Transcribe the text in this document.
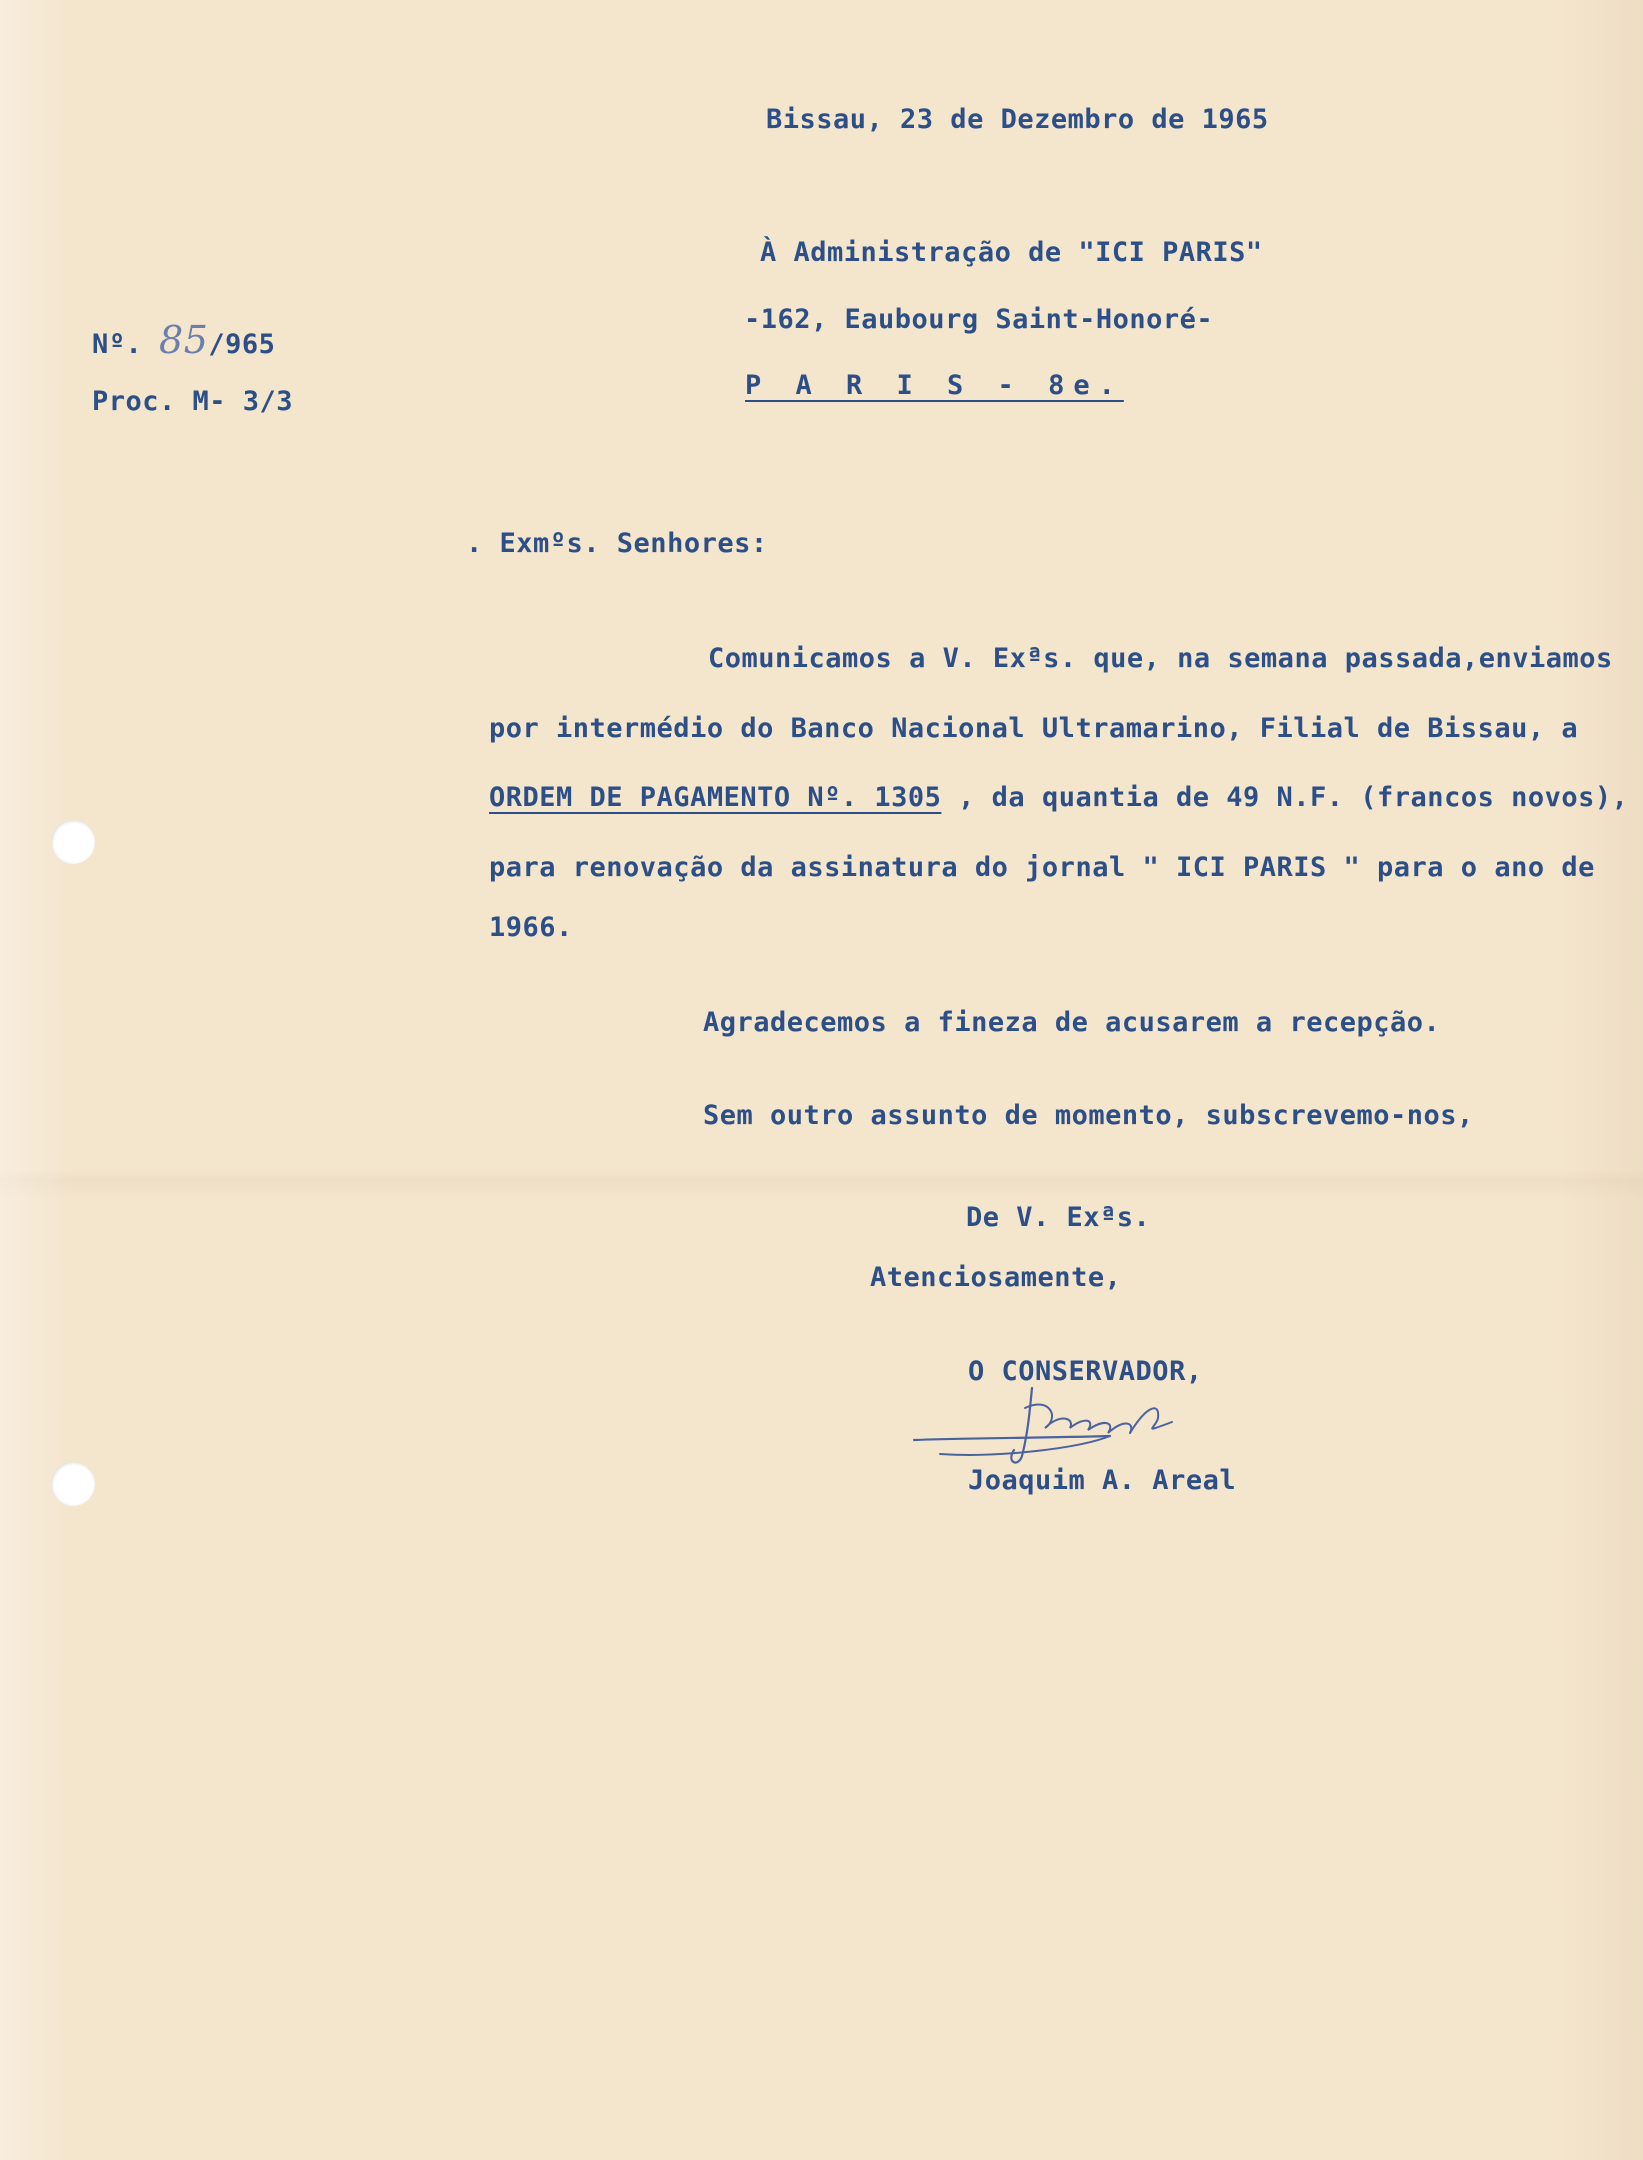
Bissau, 23 de Dezembro de 1965
À Administração de "ICI PARIS"
-162, Eaubourg Saint-Honoré-
P A R I S - 8e.
Nº. 85/965
Proc. M- 3/3
. Exmºs. Senhores:
Comunicamos a V. Exªs. que, na semana passada,enviamos
por intermédio do Banco Nacional Ultramarino, Filial de Bissau, a
ORDEM DE PAGAMENTO Nº. 1305 , da quantia de 49 N.F. (francos novos),
para renovação da assinatura do jornal " ICI PARIS " para o ano de
1966.
Agradecemos a fineza de acusarem a recepção.
Sem outro assunto de momento, subscrevemo-nos,
De V. Exªs.
Atenciosamente,
O CONSERVADOR,
Joaquim A. Areal
